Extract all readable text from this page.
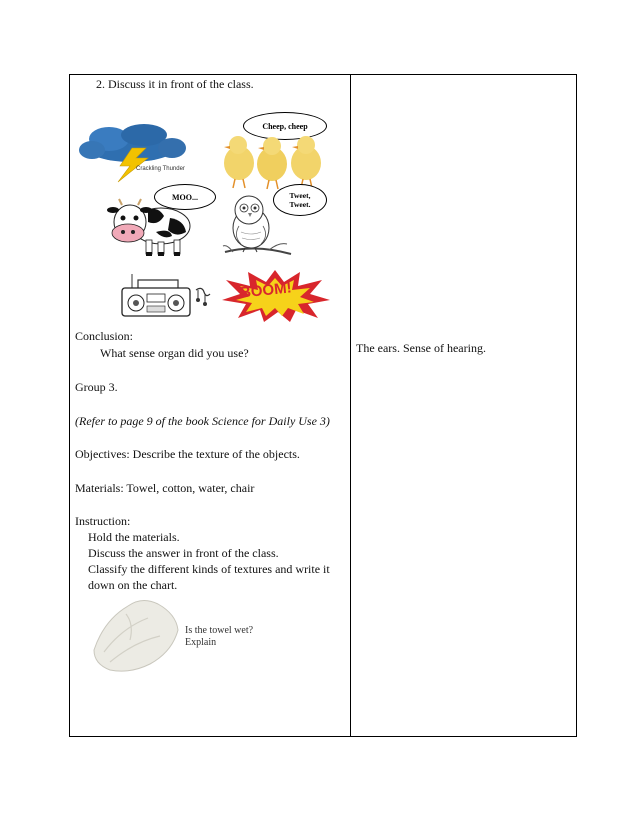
2. Discuss it in front of the class.
Crackling Thunder
Cheep, cheep
MOO...	Tweet,
Tweet.
BOOM!
Conclusion:
What sense organ did you use?
Group 3.
(Refer to page 9 of the book Science for Daily Use 3)
Objectives: Describe the texture of the objects.
Materials: Towel, cotton, water, chair
Instruction:
Hold the materials.
Discuss the answer in front of the class.
Classify the different kinds of textures and write it
down on the chart.
Is the towel wet?
Explain
The ears. Sense of hearing.
